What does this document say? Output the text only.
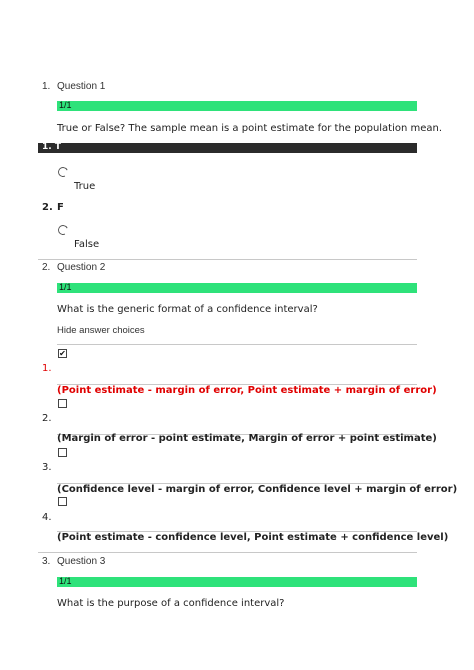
1. Question 1
1/1
True or False? The sample mean is a point estimate for the population mean.
1. T
True
2. F
False
2. Question 2
1/1
What is the generic format of a confidence interval?
Hide answer choices
✔
1.
(Point estimate - margin of error, Point estimate + margin of error)
2.
(Margin of error - point estimate, Margin of error + point estimate)
3.
(Confidence level - margin of error, Confidence level + margin of error)
4.
(Point estimate - confidence level, Point estimate + confidence level)
3. Question 3
1/1
What is the purpose of a confidence interval?
